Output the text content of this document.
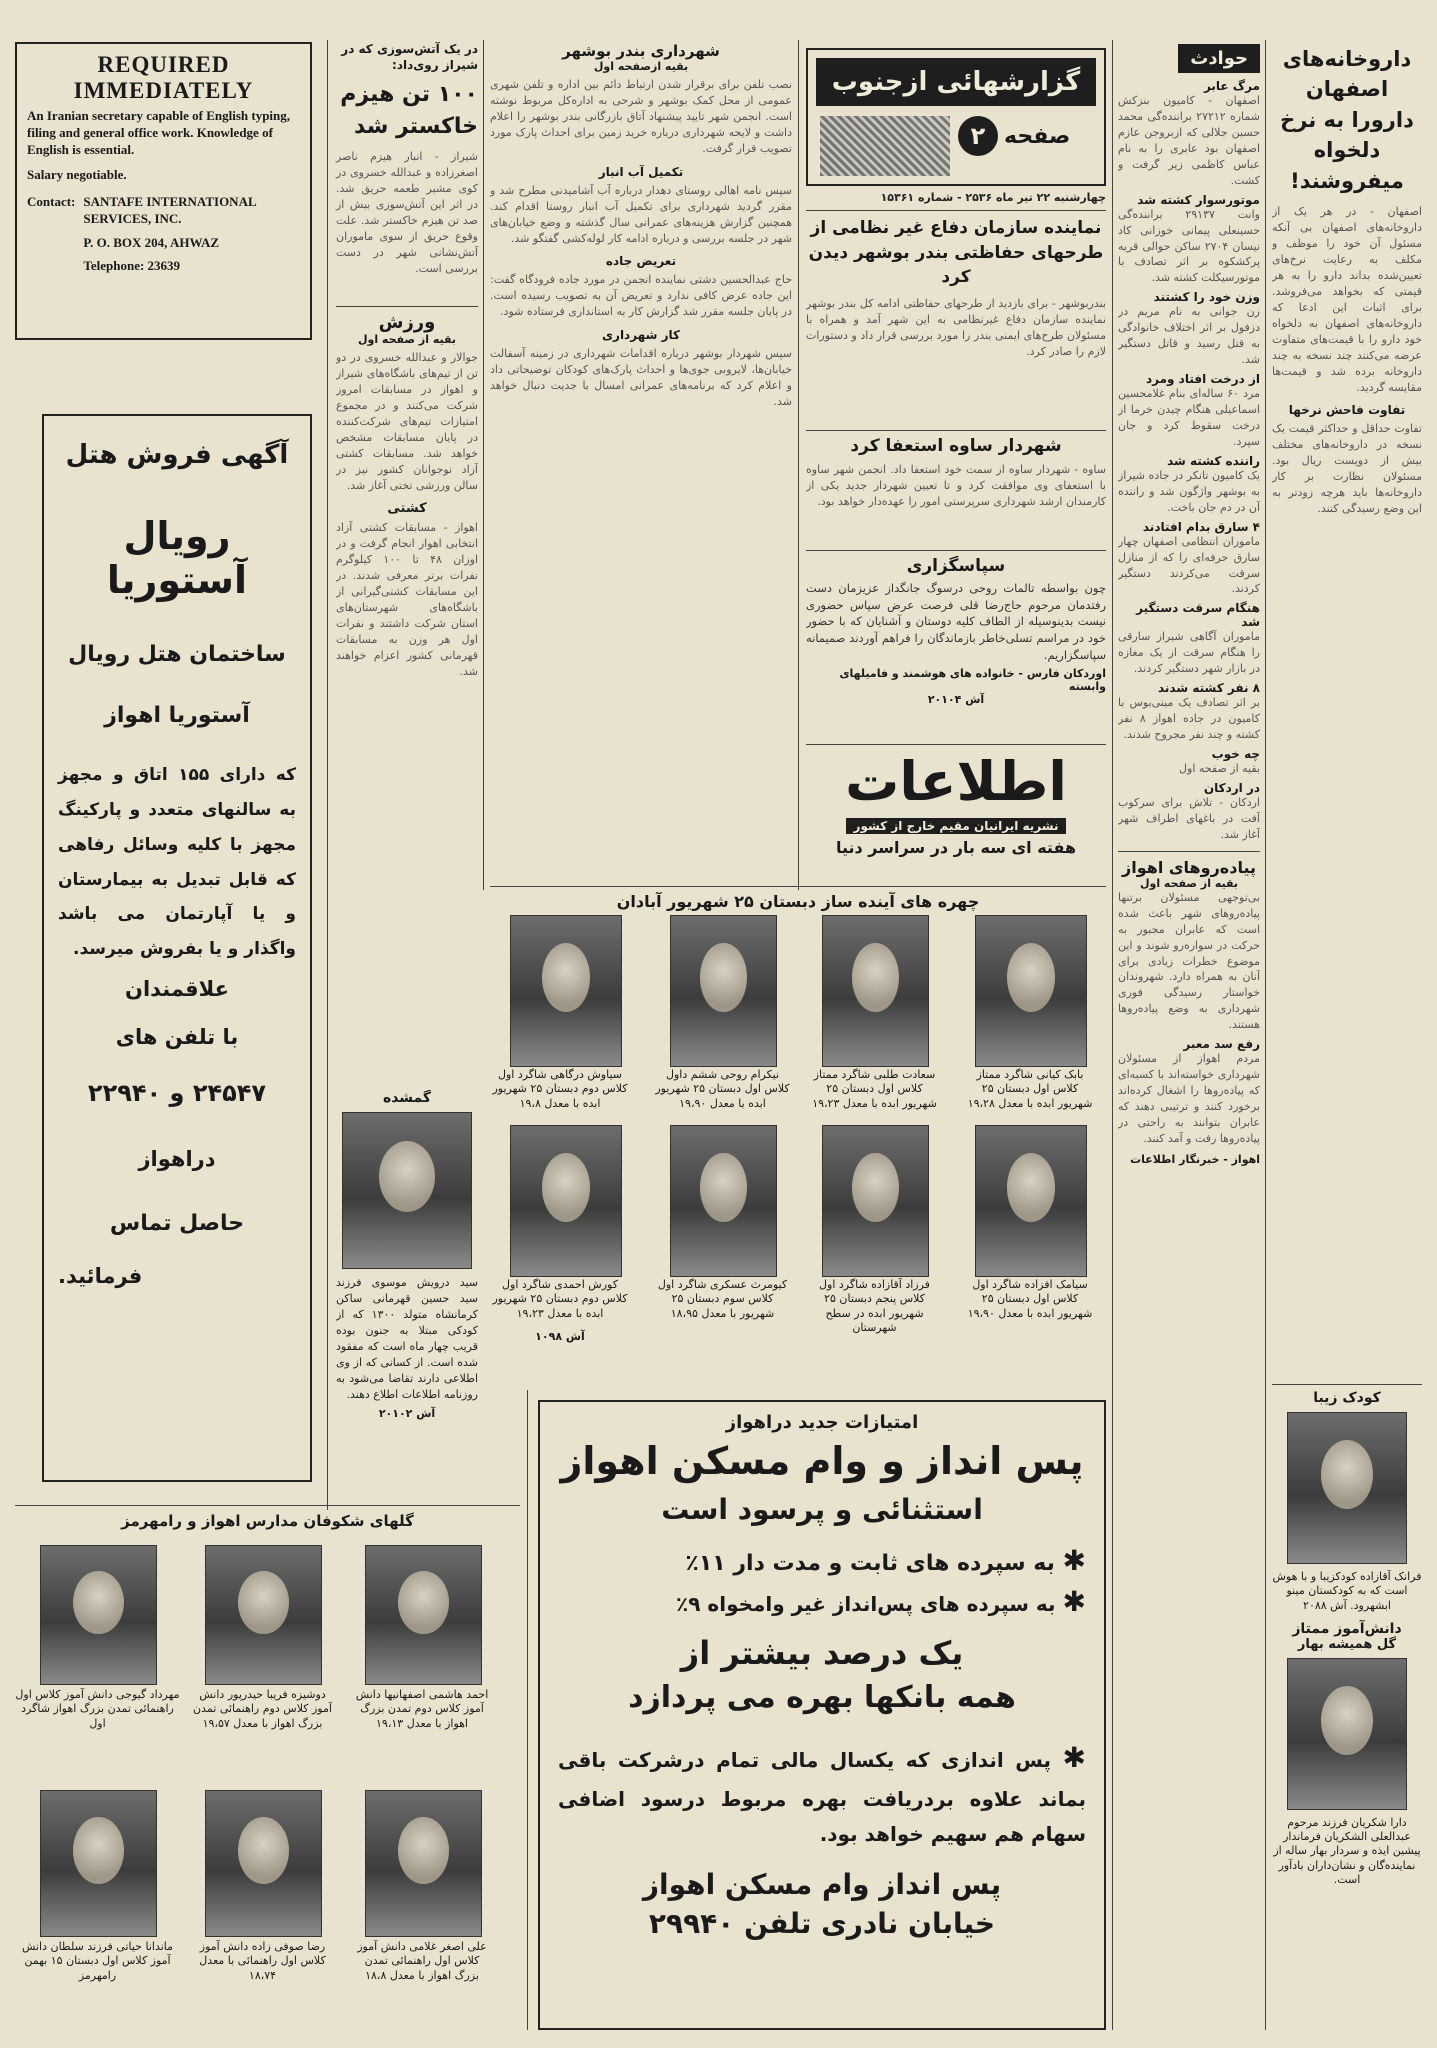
REQUIRED
IMMEDIATELY
An Iranian secretary capable of English typing, filing and general office work. Knowledge of English is essential.
Salary negotiable.
Contact: SANTAFE INTERNATIONAL SERVICES, INC.
P. O. BOX 204, AHWAZ
Telephone: 23639
آگهی فروش هتل
رویال آستوریا
ساختمان هتل رویال
آستوریا اهواز
که دارای ۱۵۵ اتاق و مجهز به سالنهای متعدد و پارکینگ مجهز با کلیه وسائل رفاهی که قابل تبدیل به بیمارستان و یا آپارتمان می باشد واگذار و یا بفروش میرسد.
علاقمندان
با تلفن های
۲۴۵۴۷ و ۲۲۹۴۰
دراهواز
حاصل تماس
فرمائید.
در یک آتش‌سوزی که در شیراز روی‌داد:
۱۰۰ تن هیزم خاکستر شد
شیراز - انبار هیزم ناصر اصغرزاده و عبدالله خسروی در کوی مشیر طعمه حریق شد. در اثر این آتش‌سوزی بیش از صد تن هیزم خاکستر شد. علت وقوع حریق از سوی ماموران آتش‌نشانی شهر در دست بررسی است.
ورزش
بقیه از صفحه اول
جوالار و عبدالله خسروی در دو تن از تیم‌های باشگاه‌های شیراز و اهواز در مسابقات امروز شرکت می‌کنند و در مجموع امتیازات تیم‌های شرکت‌کننده در پایان مسابقات مشخص خواهد شد. مسابقات کشتی آزاد نوجوانان کشور نیز در سالن ورزشی تختی آغاز شد.
کشتی
اهواز - مسابقات کشتی آزاد انتخابی اهواز انجام گرفت و در اوزان ۴۸ تا ۱۰۰ کیلوگرم نفرات برتر معرفی شدند. در این مسابقات کشتی‌گیرانی از باشگاه‌های شهرستان‌های استان شرکت داشتند و نفرات اول هر وزن به مسابقات قهرمانی کشور اعزام خواهند شد.
شهرداری بندر بوشهر
بقیه ازصفحه اول
نصب تلفن برای برقرار شدن ارتباط دائم بین اداره و تلفن شهری عمومی از محل کمک بوشهر و شرحی به اداره‌کل مربوط نوشته است. انجمن شهر تایید پیشنهاد آتاق بازرگانی بندر بوشهر را اعلام داشت و لایحه شهرداری درباره خرید زمین برای احداث پارک مورد تصویب قرار گرفت.
تکمیل آب انبار
سپس نامه اهالی روستای دهدار درباره آب آشامیدنی مطرح شد و مقرر گردید شهرداری برای تکمیل آب انبار روستا اقدام کند. همچنین گزارش هزینه‌های عمرانی سال گذشته و وضع خیابان‌های شهر در جلسه بررسی و درباره ادامه کار لوله‌کشی گفتگو شد.
تعریض جاده
حاج عبدالحسین دشتی نماینده انجمن در مورد جاده فرودگاه گفت: این جاده عرض کافی ندارد و تعریض آن به تصویب رسیده است. در پایان جلسه مقرر شد گزارش کار به استانداری فرستاده شود.
کار شهرداری
سپس شهردار بوشهر درباره اقدامات شهرداری در زمینه آسفالت خیابان‌ها، لایروبی جوی‌ها و احداث پارک‌های کودکان توضیحاتی داد و اعلام کرد که برنامه‌های عمرانی امسال با جدیت دنبال خواهد شد.
گزارشهائی ازجنوب
صفحه
۲
چهارشنبه ۲۲ تیر ماه ۲۵۳۶ - شماره ۱۵۳۶۱
نماینده سازمان دفاع غیر نظامی از طرحهای حفاظتی بندر بوشهر دیدن کرد
بندربوشهر - برای بازدید از طرحهای حفاظتی ادامه کل بندر بوشهر نماینده سازمان دفاع غیرنظامی به این شهر آمد و همراه با مسئولان طرح‌های ایمنی بندر را مورد بررسی قرار داد و دستورات لازم را صادر کرد.
شهردار ساوه استعفا کرد
ساوه - شهردار ساوه از سمت خود استعفا داد. انجمن شهر ساوه با استعفای وی موافقت کرد و تا تعیین شهردار جدید یکی از کارمندان ارشد شهرداری سرپرستی امور را عهده‌دار خواهد بود.
سپاسگزاری
چون بواسطه تالمات روحی درسوگ جانگداز عزیزمان دست رفتدمان مرحوم حاج‌رضا قلی فرصت عرض سپاس حضوری نیست بدینوسیله از الطاف کلیه دوستان و آشنایان که با حضور خود در مراسم تسلی‌خاطر بازماندگان را فراهم آوردند صمیمانه سپاسگزاریم.
اوردکان فارس - خانواده های هوشمند و فامیلهای وابسته
آش ۲۰۱۰۴
اطلاعات
نشریه ایرانیان مقیم خارج از کشور
هفته ای سه بار در سراسر دنیا
چهره های آینده ساز دبستان ۲۵ شهریور آبادان
بابک کیانی شاگرد ممتاز کلاس اول دبستان ۲۵ شهریور ابده با معدل ۱۹،۲۸
سعادت طلبی شاگرد ممتاز کلاس اول دبستان ۲۵ شهریور ابده با معدل ۱۹،۲۳
نیکرام روحی ششم داول کلاس اول دبستان ۲۵ شهریور ابده با معدل ۱۹،۹۰
سیاوش درگاهی شاگرد اول کلاس دوم دبستان ۲۵ شهریور ابده با معدل ۱۹،۸
سیامک افزاده شاگرد اول کلاس اول دبستان ۲۵ شهریور ابده با معدل ۱۹،۹۰
فرزاد آقازاده شاگرد اول کلاس پنجم دبستان ۲۵ شهریور ابده در سطح شهرستان
کیومرث عسکری شاگرد اول کلاس سوم دبستان ۲۵ شهریور با معدل ۱۸،۹۵
کورش احمدی شاگرد اول کلاس دوم دبستان ۲۵ شهریور ابده با معدل ۱۹،۲۳
آش ۱۰۹۸
گمشده
سید درویش موسوی فرزند سید حسین قهرمانی ساکن کرمانشاه متولد ۱۳۰۰ که از کودکی مبتلا به جنون بوده قریب چهار ماه است که مفقود شده است. از کسانی که از وی اطلاعی دارند تقاضا می‌شود به روزنامه اطلاعات اطلاع دهند.
آش ۲۰۱۰۲
گلهای شکوفان مدارس اهواز و رامهرمز
احمد هاشمی اصفهانیها دانش آموز کلاس دوم تمدن بزرگ اهواز با معدل ۱۹،۱۳
دوشیزه فریبا حیدرپور دانش آموز کلاس دوم راهنمائی تمدن بزرگ اهواز با معدل ۱۹،۵۷
مهرداد گیوجی دانش آموز کلاس اول راهنمائی تمدن بزرگ اهواز شاگرد اول
علی اصغر غلامی دانش آموز کلاس اول راهنمائی تمدن بزرگ اهواز با معدل ۱۸،۸
رضا صوفی زاده دانش آموز کلاس اول راهنمائی با معدل ۱۸،۷۴
ماندانا حیاتی فرزند سلطان دانش آموز کلاس اول دبستان ۱۵ بهمن رامهرمز
امتیازات جدید دراهواز
پس انداز و وام مسکن اهواز
استثنائی و پرسود است
✱ به سپرده های ثابت و مدت دار ۱۱٪
✱ به سپرده های پس‌انداز غیر وامخواه ۹٪
یک درصد بیشتر از
همه بانکها بهره می پردازد
✱ پس اندازی که یکسال مالی تمام درشرکت باقی بماند علاوه بردریافت بهره مربوط درسود اضافی سهام هم سهیم خواهد بود.
پس انداز وام مسکن اهواز
خیابان نادری تلفن ۲۹۹۴۰
حوادث
مرگ عابر
اصفهان - کامیون بنزکش شماره ۲۷۲۱۲ براننده‌گی محمد حسین جلالی که ازبروجن عازم اصفهان بود عابری را به نام عباس کاظمی زیر گرفت و کشت.
موتورسوار کشته شد
وانت ۲۹۱۳۷ براننده‌گی حسینعلی پیمانی خوزانی کاد نیسان ۲۷۰۴ ساکن حوالی قریه پرکشکوه بر اثر تصادف با موتورسیکلت کشته شد.
وزن خود را کشتند
زن جوانی به نام مریم در دزفول بر اثر اختلاف خانوادگی به قتل رسید و قاتل دستگیر شد.
از درخت افتاد ومرد
مرد ۶۰ ساله‌ای بنام غلامحسین اسماعیلی هنگام چیدن خرما از درخت سقوط کرد و جان سپرد.
راننده کشته شد
یک کامیون تانکر در جاده شیراز به بوشهر واژگون شد و راننده آن در دم جان باخت.
۴ سارق بدام افتادند
ماموران انتظامی اصفهان چهار سارق حرفه‌ای را که از منازل سرقت می‌کردند دستگیر کردند.
هنگام سرقت دستگیر شد
ماموران آگاهی شیراز سارقی را هنگام سرقت از یک مغازه در بازار شهر دستگیر کردند.
۸ نفر کشته شدند
بر اثر تصادف یک مینی‌بوس با کامیون در جاده اهواز ۸ نفر کشته و چند نفر مجروح شدند.
چه خوب
بقیه از صفحه اول
در اردکان
اردکان - تلاش برای سرکوب آفت در باغهای اطراف شهر آغاز شد.
پیاده‌روهای اهواز
بقیه از صفحه اول
بی‌توجهی مسئولان برتنها پیاده‌روهای شهر باعث شده است که عابران مجبور به حرکت در سواره‌رو شوند و این موضوع خطرات زیادی برای آنان به همراه دارد. شهروندان خواستار رسیدگی فوری شهرداری به وضع پیاده‌روها هستند.
رفع سد معبر
مردم اهواز از مسئولان شهرداری خواسته‌اند با کسبه‌ای که پیاده‌روها را اشغال کرده‌اند برخورد کنند و ترتیبی دهند که عابران بتوانند به راحتی در پیاده‌روها رفت و آمد کنند.
اهواز - خبرنگار اطلاعات
داروخانه‌های اصفهان دارورا به نرخ دلخواه میفروشند!
اصفهان - در هر یک از داروخانه‌های اصفهان بی آنکه مسئول آن خود را موظف و مکلف به رعایت نرخ‌های تعیین‌شده بداند دارو را به هر قیمتی که بخواهد می‌فروشد. برای اثبات این ادعا که داروخانه‌های اصفهان به دلخواه خود دارو را با قیمت‌های متفاوت عرضه می‌کنند چند نسخه به چند داروخانه برده شد و قیمت‌ها مقایسه گردید.
تفاوت فاحش نرخها
تفاوت حداقل و حداکثر قیمت یک نسخه در داروخانه‌های مختلف بیش از دویست ریال بود. مسئولان نظارت بر کار داروخانه‌ها باید هرچه زودتر به این وضع رسیدگی کنند.
کودک زیبا
فرانک آقازاده کودکزیبا و با هوش است که به کودکستان مینو ابشهرود. آش ۲۰۸۸
دانش‌آموز ممتاز
گل همیشه بهار
دارا شکریان فرزند مرحوم عبدالعلی الشکریان فرماندار پیشین ایذه و سردار بهار ساله از نماینده‌گان و نشان‌داران بادآور است.
